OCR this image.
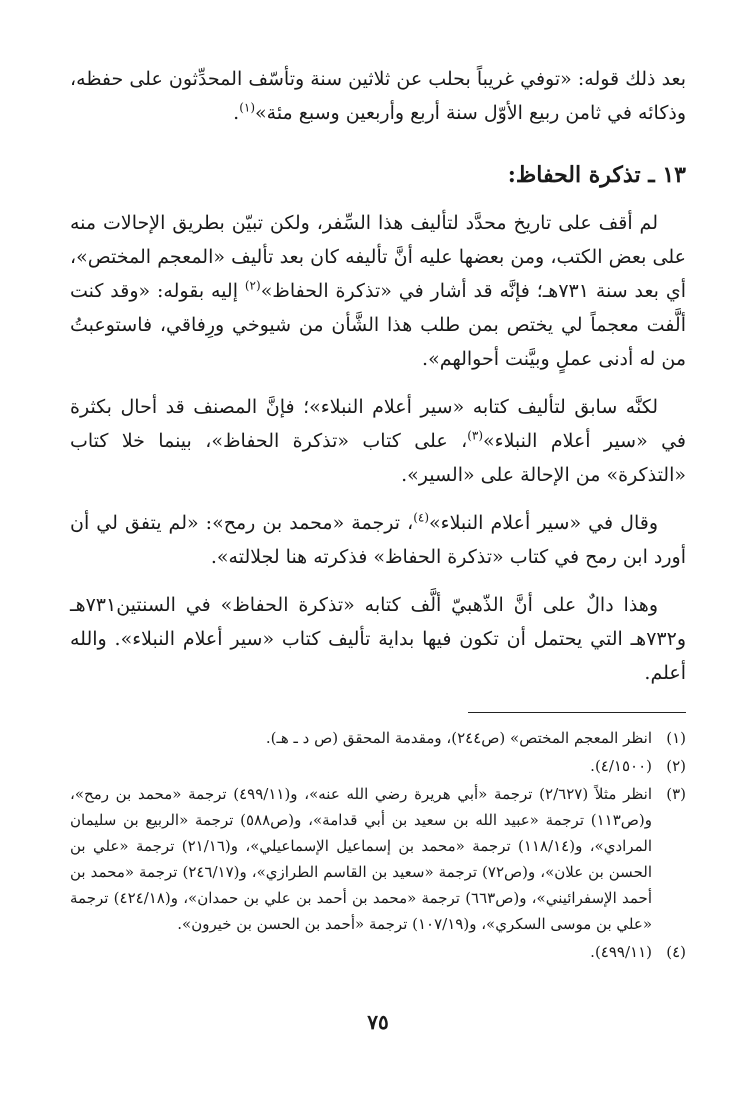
بعد ذلك قوله: «توفي غريباً بحلب عن ثلاثين سنة وتأسّف المحدِّثون على حفظه، وذكائه في ثامن ربيع الأوّل سنة أربع وأربعين وسبع مئة»$^{(١)}$.

١٣ ـ تذكرة الحفاظ:

لم أقف على تاريخ محدَّد لتأليف هذا السِّفر، ولكن تبيّن بطريق الإحالات منه على بعض الكتب، ومن بعضها عليه أنَّ تأليفه كان بعد تأليف «المعجم المختص»، أي بعد سنة ٧٣١هـ؛ فإنَّه قد أشار في «تذكرة الحفاظ»$^{(٢)}$ إليه بقوله: «وقد كنت ألَّفت معجماً لي يختص بمن طلب هذا الشَّأن من شيوخي ورِفاقي، فاستوعبتُ من له أدنى عملٍ وبيَّنت أحوالهم».

لكنَّه سابق لتأليف كتابه «سير أعلام النبلاء»؛ فإنَّ المصنف قد أحال بكثرة في «سير أعلام النبلاء»$^{(٣)}$، على كتاب «تذكرة الحفاظ»، بينما خلا كتاب «التذكرة» من الإحالة على «السير».

وقال في «سير أعلام النبلاء»$^{(٤)}$، ترجمة «محمد بن رمح»: «لم يتفق لي أن أورد ابن رمح في كتاب «تذكرة الحفاظ» فذكرته هنا لجلالته».

وهذا دالٌ على أنَّ الذّهبيّ ألَّف كتابه «تذكرة الحفاظ» في السنتين٧٣١هـ و٧٣٢هـ التي يحتمل أن تكون فيها بداية تأليف كتاب «سير أعلام النبلاء». والله أعلم.

(١)
انظر المعجم المختص» (ص٢٤٤)، ومقدمة المحقق (ص د ـ هـ).
(٢)
(٤/١٥٠٠).
(٣)
انظر مثلاً (٢/٦٢٧) ترجمة «أبي هريرة رضي الله عنه»، و(٤٩٩/١١) ترجمة «محمد بن رمح»، و(ص١١٣) ترجمة «عبيد الله بن سعيد بن أبي قدامة»، و(ص٥٨٨) ترجمة «الربيع بن سليمان المرادي»، و(١١٨/١٤) ترجمة «محمد بن إسماعيل الإسماعيلي»، و(٢١/١٦) ترجمة «علي بن الحسن بن علان»، و(ص٧٢) ترجمة «سعيد بن القاسم الطرازي»، و(٢٤٦/١٧) ترجمة «محمد بن أحمد الإسفرائيني»، و(ص٦٦٣) ترجمة «محمد بن أحمد بن علي بن حمدان»، و(٤٢٤/١٨) ترجمة «علي بن موسى السكري»، و(١٠٧/١٩) ترجمة «أحمد بن الحسن بن خيرون».
(٤)
(٤٩٩/١١).
٧٥
